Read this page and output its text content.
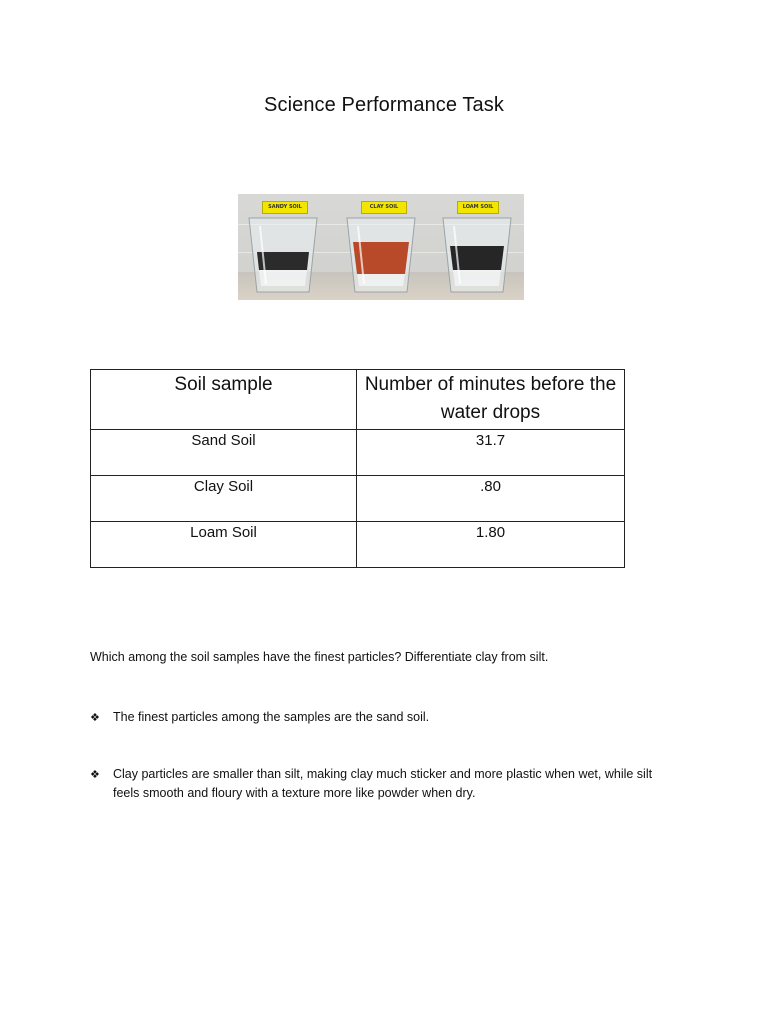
Science Performance Task
SANDY SOIL	CLAY SOIL	LOAM SOIL
Soil sample	Number of minutes before the water drops
Sand Soil	31.7
Clay Soil	.80
Loam Soil	1.80
Which among the soil samples have the finest particles? Differentiate clay from silt.
❖ The finest particles among the samples are the sand soil.
❖ Clay particles are smaller than silt, making clay much sticker and more plastic when wet, while silt feels smooth and floury with a texture more like powder when dry.
